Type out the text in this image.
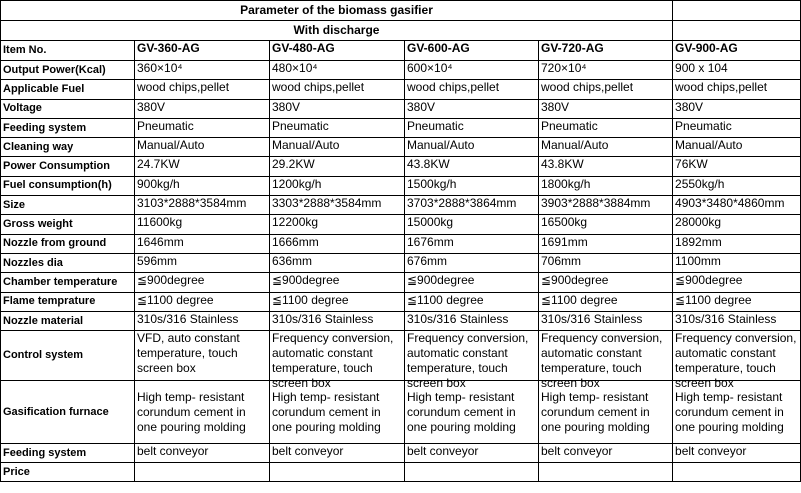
Parameter of the biomass gasifier					
With discharge					
Item No.	GV-360-AG	GV-480-AG	GV-600-AG	GV-720-AG	GV-900-AG
Output Power(Kcal)	360×10⁴	480×10⁴	600×10⁴	720×10⁴	900 x 104
Applicable Fuel	wood chips,pellet	wood chips,pellet	wood chips,pellet	wood chips,pellet	wood chips,pellet
Voltage	380V	380V	380V	380V	380V
Feeding system	Pneumatic	Pneumatic	Pneumatic	Pneumatic	Pneumatic
Cleaning way	Manual/Auto	Manual/Auto	Manual/Auto	Manual/Auto	Manual/Auto
Power Consumption	24.7KW	29.2KW	43.8KW	43.8KW	76KW
Fuel consumption(h)	900kg/h	1200kg/h	1500kg/h	1800kg/h	2550kg/h
Size	3103*2888*3584mm	3303*2888*3584mm	3703*2888*3864mm	3903*2888*3884mm	4903*3480*4860mm
Gross weight	11600kg	12200kg	15000kg	16500kg	28000kg
Nozzle from ground	1646mm	1666mm	1676mm	1691mm	1892mm
Nozzles dia	596mm	636mm	676mm	706mm	1100mm
Chamber temperature	≦900degree	≦900degree	≦900degree	≦900degree	≦900degree
Flame temprature	≦1100 degree	≦1100 degree	≦1100 degree	≦1100 degree	≦1100 degree
Nozzle material	310s/316 Stainless	310s/316 Stainless	310s/316 Stainless	310s/316 Stainless	310s/316 Stainless
Control system	VFD, auto constant temperature, touch screen box	Frequency conversion, automatic constant temperature, touch screen box	Frequency conversion, automatic constant temperature, touch screen box	Frequency conversion, automatic constant temperature, touch screen box	Frequency conversion, automatic constant temperature, touch screen box

Gasification furnace	High temp- resistant corundum cement in one pouring molding	High temp- resistant corundum cement in one pouring molding	High temp- resistant corundum cement in one pouring molding	High temp- resistant corundum cement in one pouring molding	High temp- resistant corundum cement in one pouring molding

Feeding system	belt conveyor	belt conveyor	belt conveyor	belt conveyor	belt conveyor
Price					
